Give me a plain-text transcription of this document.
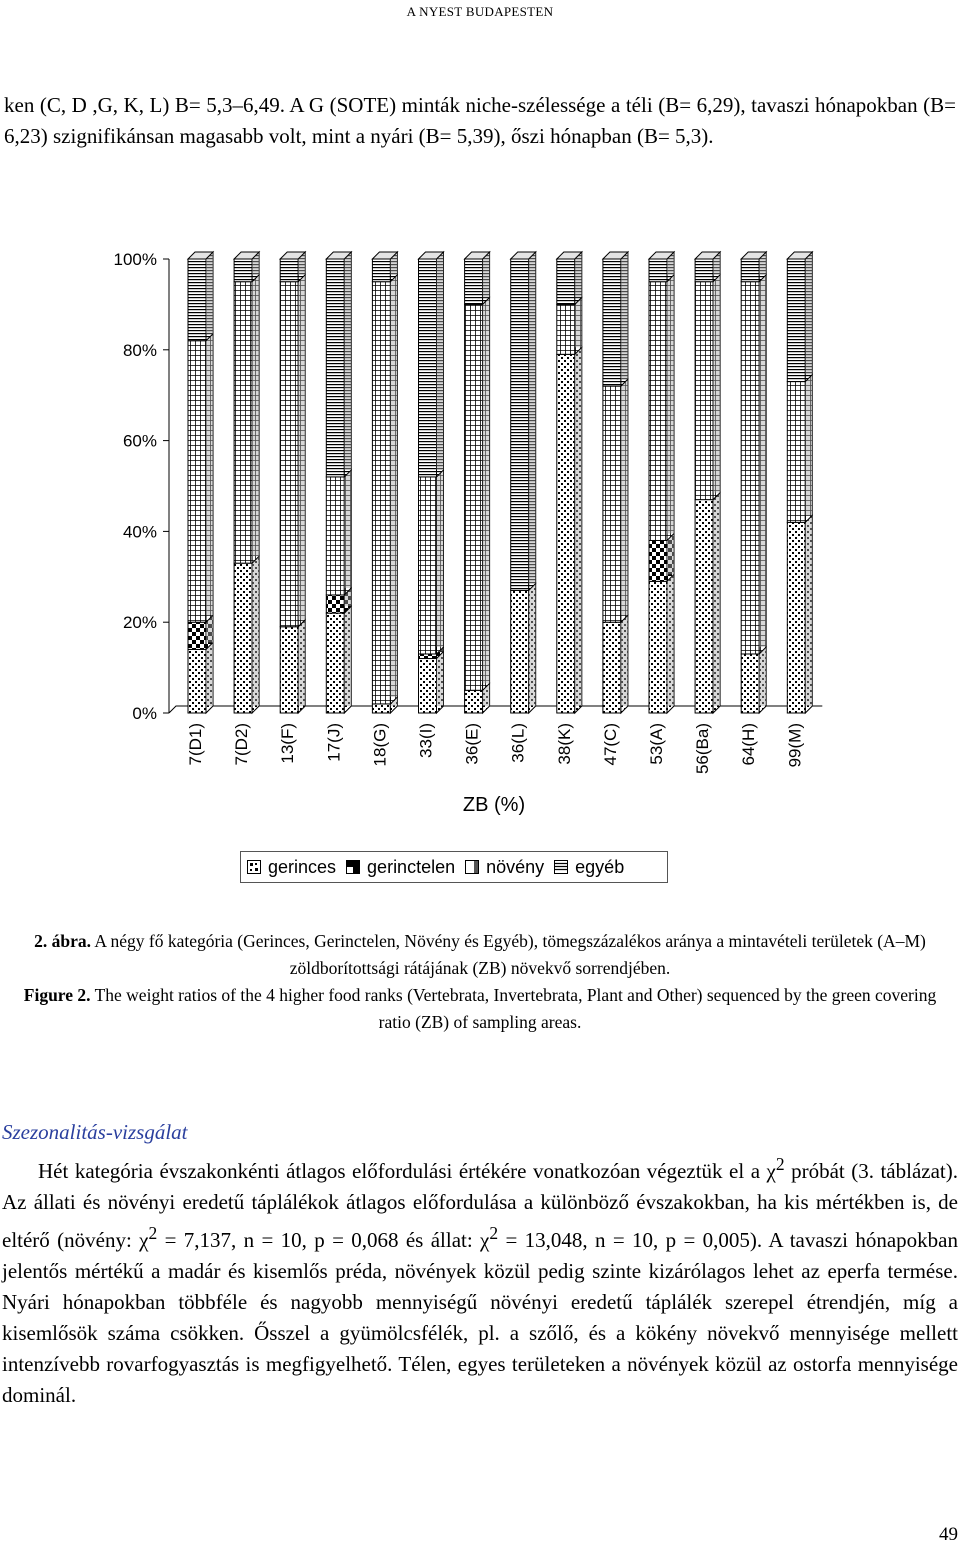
A NYEST BUDAPESTEN

ken (C, D ,G, K, L) B= 5,3–6,49. A G (SOTE) minták niche-szélessége a téli (B= 6,29), tavaszi hónapokban (B= 6,23) szignifikánsan magasabb volt, mint a nyári (B= 5,39), őszi hónapban (B= 5,3).

0%
20%
40%
60%
80%
100%
7(D1) 7(D2) 13(F) 17(J) 18(G) 33(I) 36(E) 36(L) 38(K) 47(C) 53(A) 56(Ba) 64(H) 99(M)
ZB (%)
gerinces gerinctelen növény egyéb

2. ábra. A négy fő kategória (Gerinces, Gerinctelen, Növény és Egyéb), tömegszázalékos aránya a mintavételi területek (A–M) zöldborítottsági rátájának (ZB) növekvő sorrendjében.

Figure 2. The weight ratios of the 4 higher food ranks (Vertebrata, Invertebrata, Plant and Other) sequenced by the green covering ratio (ZB) of sampling areas.

Szezonalitás-vizsgálat

Hét kategória évszakonkénti átlagos előfordulási értékére vonatkozóan végeztük el a $\chi^2$ próbát (3. táblázat). Az állati és növényi eredetű táplálékok átlagos előfordulása a különböző évszakokban, ha kis mértékben is, de eltérő (növény: $\chi^2 = 7,137$, n = 10, p = 0,068 és állat: $\chi^2 = 13,048$, n = 10, p = 0,005). A tavaszi hónapokban jelentős mértékű a madár és kisemlős préda, növények közül pedig szinte kizárólagos lehet az eperfa termése. Nyári hónapokban többféle és nagyobb mennyiségű növényi eredetű táplálék szerepel étrendjén, míg a kisemlősök száma csökken. Ősszel a gyümölcsfélék, pl. a szőlő, és a kökény növekvő mennyisége mellett intenzívebb rovarfogyasztás is megfigyelhető. Télen, egyes területeken a növények közül az ostorfa mennyisége dominál.

49
